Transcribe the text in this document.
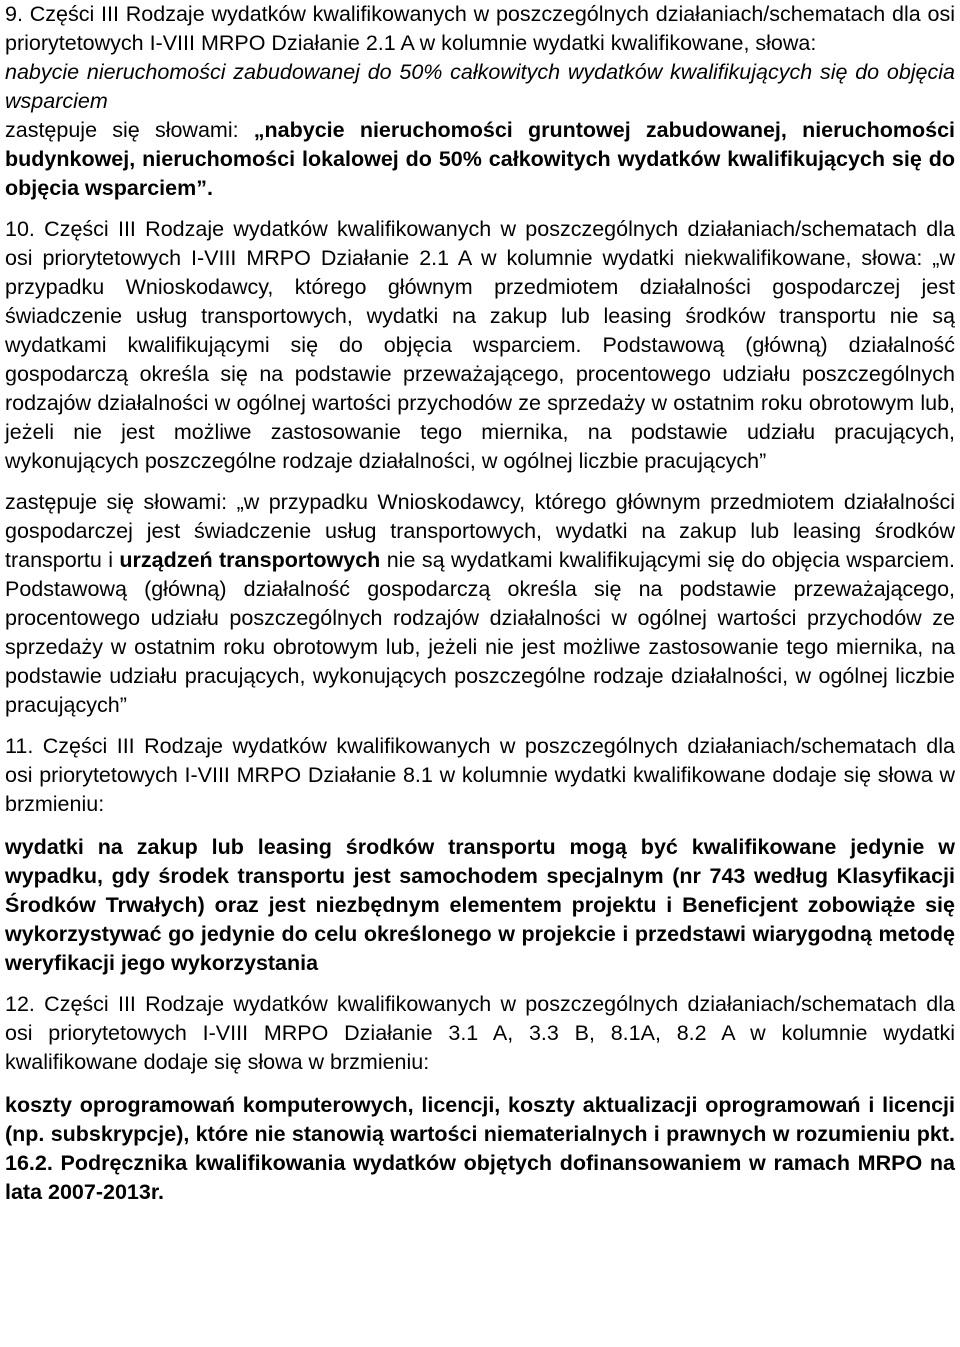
9. Części III Rodzaje wydatków kwalifikowanych w poszczególnych działaniach/schematach dla osi priorytetowych I-VIII MRPO Działanie 2.1 A w kolumnie wydatki kwalifikowane, słowa:

nabycie nieruchomości zabudowanej do 50% całkowitych wydatków kwalifikujących się do objęcia wsparciem

zastępuje się słowami: „nabycie nieruchomości gruntowej zabudowanej, nieruchomości budynkowej, nieruchomości lokalowej do 50% całkowitych wydatków kwalifikujących się do objęcia wsparciem”.

10. Części III Rodzaje wydatków kwalifikowanych w poszczególnych działaniach/schematach dla osi priorytetowych I-VIII MRPO Działanie 2.1 A w kolumnie wydatki niekwalifikowane, słowa: „w przypadku Wnioskodawcy, którego głównym przedmiotem działalności gospodarczej jest świadczenie usług transportowych, wydatki na zakup lub leasing środków transportu nie są wydatkami kwalifikującymi się do objęcia wsparciem. Podstawową (główną) działalność gospodarczą określa się na podstawie przeważającego, procentowego udziału poszczególnych rodzajów działalności w ogólnej wartości przychodów ze sprzedaży w ostatnim roku obrotowym lub, jeżeli nie jest możliwe zastosowanie tego miernika, na podstawie udziału pracujących, wykonujących poszczególne rodzaje działalności, w ogólnej liczbie pracujących”

zastępuje się słowami: „w przypadku Wnioskodawcy, którego głównym przedmiotem działalności gospodarczej jest świadczenie usług transportowych, wydatki na zakup lub leasing środków transportu i urządzeń transportowych nie są wydatkami kwalifikującymi się do objęcia wsparciem. Podstawową (główną) działalność gospodarczą określa się na podstawie przeważającego, procentowego udziału poszczególnych rodzajów działalności w ogólnej wartości przychodów ze sprzedaży w ostatnim roku obrotowym lub, jeżeli nie jest możliwe zastosowanie tego miernika, na podstawie udziału pracujących, wykonujących poszczególne rodzaje działalności, w ogólnej liczbie pracujących”

11. Części III Rodzaje wydatków kwalifikowanych w poszczególnych działaniach/schematach dla osi priorytetowych I-VIII MRPO Działanie 8.1 w kolumnie wydatki kwalifikowane dodaje się słowa w brzmieniu:

wydatki na zakup lub leasing środków transportu mogą być kwalifikowane jedynie w wypadku, gdy środek transportu jest samochodem specjalnym (nr 743 według Klasyfikacji Środków Trwałych) oraz jest niezbędnym elementem projektu i Beneficjent zobowiąże się wykorzystywać go jedynie do celu określonego w projekcie i przedstawi wiarygodną metodę weryfikacji jego wykorzystania

12. Części III Rodzaje wydatków kwalifikowanych w poszczególnych działaniach/schematach dla osi priorytetowych I-VIII MRPO Działanie 3.1 A, 3.3 B, 8.1A, 8.2 A w kolumnie wydatki kwalifikowane dodaje się słowa w brzmieniu:

koszty oprogramowań komputerowych, licencji, koszty aktualizacji oprogramowań i licencji (np. subskrypcje), które nie stanowią wartości niematerialnych i prawnych w rozumieniu pkt. 16.2. Podręcznika kwalifikowania wydatków objętych dofinansowaniem w ramach MRPO na lata 2007-2013r.
